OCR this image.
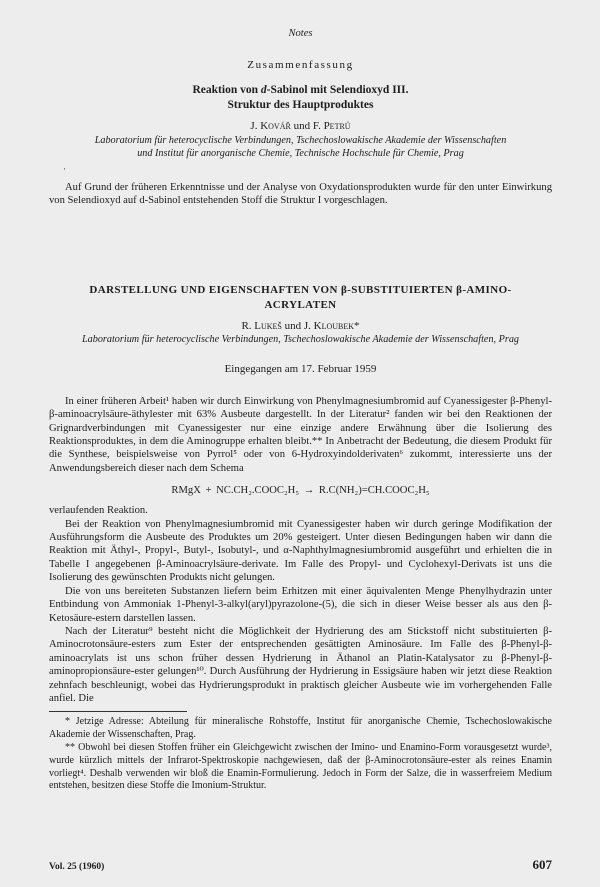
Notes
Zusammenfassung
Reaktion von d-Sabinol mit Selendioxyd III.
Struktur des Hauptproduktes
J. Kovář und F. Petrů
Laboratorium für heterocyclische Verbindungen, Tschechoslowakische Akademie der Wissenschaften
und Institut für anorganische Chemie, Technische Hochschule für Chemie, Prag
·

Auf Grund der früheren Erkenntnisse und der Analyse von Oxydationsprodukten wurde für den unter Einwirkung von Selendioxyd auf d-Sabinol entstehenden Stoff die Struktur I vorgeschlagen.

DARSTELLUNG UND EIGENSCHAFTEN VON β-SUBSTITUIERTEN β-AMINO-
ACRYLATEN
R. Lukeš und J. Kloubek*
Laboratorium für heterocyclische Verbindungen, Tschechoslowakische Akademie der Wissenschaften, Prag
Eingegangen am 17. Februar 1959

In einer früheren Arbeit¹ haben wir durch Einwirkung von Phenylmagnesiumbromid auf Cyanessigester β-Phenyl-β-aminoacrylsäure-äthylester mit 63% Ausbeute dargestellt. In der Literatur² fanden wir bei den Reaktionen der Grignardverbindungen mit Cyanessigester nur eine einzige andere Erwähnung über die Isolierung des Reaktionsproduktes, in dem die Aminogruppe erhalten bleibt.** In Anbetracht der Bedeutung, die diesem Produkt für die Synthese, beispielsweise von Pyrrol⁵ oder von 6-Hydroxyindolderivaten⁶ zukommt, interessierte uns der Anwendungsbereich dieser nach dem Schema

RMgX + NC.CH₂.COOC₂H₅ → R.C(NH₂)=CH.COOC₂H₅

verlaufenden Reaktion.

Bei der Reaktion von Phenylmagnesiumbromid mit Cyanessigester haben wir durch geringe Modifikation der Ausführungsform die Ausbeute des Produktes um 20% gesteigert. Unter diesen Bedingungen haben wir dann die Reaktion mit Äthyl-, Propyl-, Butyl-, Isobutyl-, und α-Naphthylmagnesiumbromid ausgeführt und erhielten die in Tabelle I angegebenen β-Aminoacrylsäure-derivate. Im Falle des Propyl- und Cyclohexyl-Derivats ist uns die Isolierung des gewünschten Produkts nicht gelungen.

Die von uns bereiteten Substanzen liefern beim Erhitzen mit einer äquivalenten Menge Phenylhydrazin unter Entbindung von Ammoniak 1-Phenyl-3-alkyl(aryl)pyrazolone-(5), die sich in dieser Weise besser als aus den β-Ketosäure-estern darstellen lassen.

Nach der Literatur⁹ besteht nicht die Möglichkeit der Hydrierung des am Stickstoff nicht substituierten β-Aminocrotonsäure-esters zum Ester der entsprechenden gesättigten Aminosäure. Im Falle des β-Phenyl-β-aminoacrylats ist uns schon früher dessen Hydrierung in Äthanol an Platin-Katalysator zu β-Phenyl-β-aminopropionsäure-ester gelungen¹⁰. Durch Ausführung der Hydrierung in Essigsäure haben wir jetzt diese Reaktion zehnfach beschleunigt, wobei das Hydrierungsprodukt in praktisch gleicher Ausbeute wie im vorhergehenden Falle anfiel. Die

* Jetzige Adresse: Abteilung für mineralische Rohstoffe, Institut für anorganische Chemie, Tschechoslowakische Akademie der Wissenschaften, Prag.

** Obwohl bei diesen Stoffen früher ein Gleichgewicht zwischen der Imino- und Enamino-Form vorausgesetzt wurde³, wurde kürzlich mittels der Infrarot-Spektroskopie nachgewiesen, daß der β-Aminocrotonsäure-ester als reines Enamin vorliegt⁴. Deshalb verwenden wir bloß die Enamin-Formulierung. Jedoch in Form der Salze, die in wasserfreiem Medium entstehen, besitzen diese Stoffe die Imonium-Struktur.

Vol. 25 (1960)	607
